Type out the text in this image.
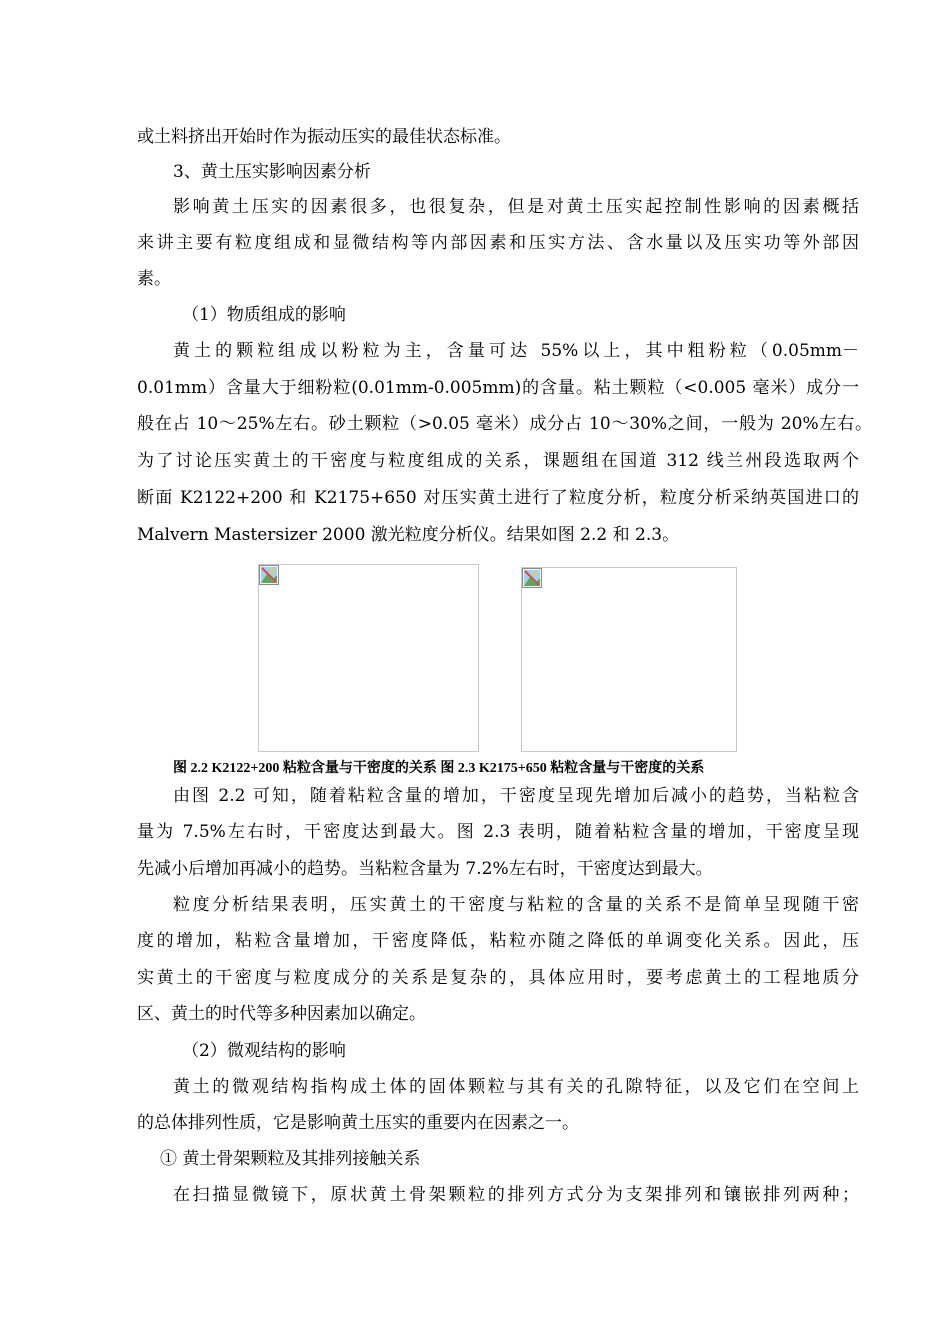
或土料挤出开始时作为振动压实的最佳状态标准。
3、黄土压实影响因素分析
影响黄土压实的因素很多，也很复杂，但是对黄土压实起控制性影响的因素概括
来讲主要有粒度组成和显微结构等内部因素和压实方法、含水量以及压实功等外部因
素。
（1）物质组成的影响
黄土的颗粒组成以粉粒为主，含量可达 55%以上，其中粗粉粒（0.05mm－
0.01mm）含量大于细粉粒(0.01mm-0.005mm)的含量。粘土颗粒（<0.005 毫米）成分一
般在占 10～25%左右。砂土颗粒（>0.05 毫米）成分占 10～30%之间，一般为 20%左右。
为了讨论压实黄土的干密度与粒度组成的关系，课题组在国道 312 线兰州段选取两个
断面 K2122+200 和 K2175+650 对压实黄土进行了粒度分析，粒度分析采纳英国进口的
Malvern Mastersizer 2000 激光粒度分析仪。结果如图 2.2 和 2.3。
图 2.2 K2122+200 粘粒含量与干密度的关系 图 2.3 K2175+650 粘粒含量与干密度的关系
由图 2.2 可知，随着粘粒含量的增加，干密度呈现先增加后减小的趋势，当粘粒含
量为 7.5%左右时，干密度达到最大。图 2.3 表明，随着粘粒含量的增加，干密度呈现
先减小后增加再减小的趋势。当粘粒含量为 7.2%左右时，干密度达到最大。
粒度分析结果表明，压实黄土的干密度与粘粒的含量的关系不是简单呈现随干密
度的增加，粘粒含量增加，干密度降低，粘粒亦随之降低的单调变化关系。因此，压
实黄土的干密度与粒度成分的关系是复杂的，具体应用时，要考虑黄土的工程地质分
区、黄土的时代等多种因素加以确定。
（2）微观结构的影响
黄土的微观结构指构成土体的固体颗粒与其有关的孔隙特征，以及它们在空间上
的总体排列性质，它是影响黄土压实的重要内在因素之一。
① 黄土骨架颗粒及其排列接触关系
在扫描显微镜下，原状黄土骨架颗粒的排列方式分为支架排列和镶嵌排列两种；
